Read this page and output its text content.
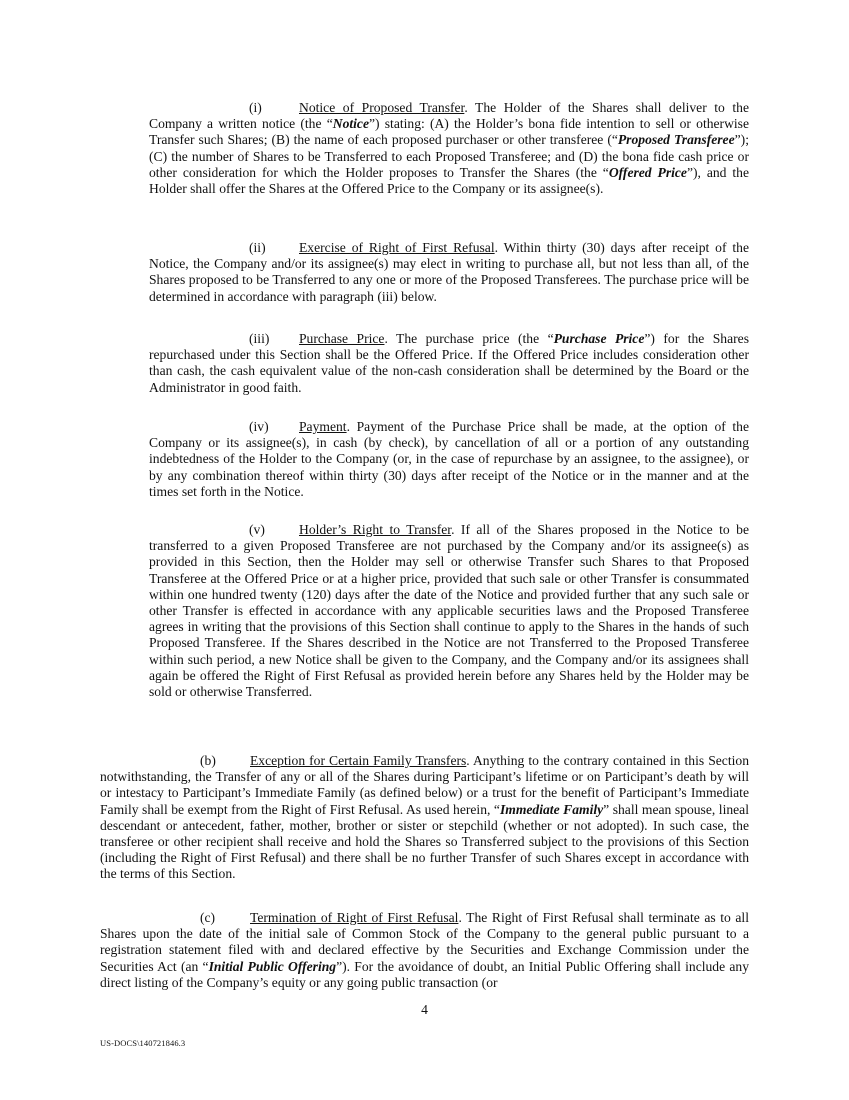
(i)	Notice of Proposed Transfer. The Holder of the Shares shall deliver to the Company a written notice (the “Notice”) stating: (A) the Holder’s bona fide intention to sell or otherwise Transfer such Shares; (B) the name of each proposed purchaser or other transferee (“Proposed Transferee”); (C) the number of Shares to be Transferred to each Proposed Transferee; and (D) the bona fide cash price or other consideration for which the Holder proposes to Transfer the Shares (the “Offered Price”), and the Holder shall offer the Shares at the Offered Price to the Company or its assignee(s).

(ii) Exercise of Right of First Refusal. Within thirty (30) days after receipt of the Notice, the Company and/or its assignee(s) may elect in writing to purchase all, but not less than all, of the Shares proposed to be Transferred to any one or more of the Proposed Transferees. The purchase price will be determined in accordance with paragraph (iii) below.

(iii) Purchase Price. The purchase price (the “Purchase Price”) for the Shares repurchased under this Section shall be the Offered Price. If the Offered Price includes consideration other than cash, the cash equivalent value of the non-cash consideration shall be determined by the Board or the Administrator in good faith.

(iv) Payment. Payment of the Purchase Price shall be made, at the option of the Company or its assignee(s), in cash (by check), by cancellation of all or a portion of any outstanding indebtedness of the Holder to the Company (or, in the case of repurchase by an assignee, to the assignee), or by any combination thereof within thirty (30) days after receipt of the Notice or in the manner and at the times set forth in the Notice.

(v)	Holder’s Right to Transfer. If all of the Shares proposed in the Notice to be transferred to a given Proposed Transferee are not purchased by the Company and/or its assignee(s) as provided in this Section, then the Holder may sell or otherwise Transfer such Shares to that Proposed Transferee at the Offered Price or at a higher price, provided that such sale or other Transfer is consummated within one hundred twenty (120) days after the date of the Notice and provided further that any such sale or other Transfer is effected in accordance with any applicable securities laws and the Proposed Transferee agrees in writing that the provisions of this Section shall continue to apply to the Shares in the hands of such Proposed Transferee. If the Shares described in the Notice are not Transferred to the Proposed Transferee within such period, a new Notice shall be given to the Company, and the Company and/or its assignees shall again be offered the Right of First Refusal as provided herein before any Shares held by the Holder may be sold or otherwise Transferred.

(b)	Exception for Certain Family Transfers. Anything to the contrary contained in this Section notwithstanding, the Transfer of any or all of the Shares during Participant’s lifetime or on Participant’s death by will or intestacy to Participant’s Immediate Family (as defined below) or a trust for the benefit of Participant’s Immediate Family shall be exempt from the Right of First Refusal. As used herein, “Immediate Family” shall mean spouse, lineal descendant or antecedent, father, mother, brother or sister or stepchild (whether or not adopted). In such case, the transferee or other recipient shall receive and hold the Shares so Transferred subject to the provisions of this Section (including the Right of First Refusal) and there shall be no further Transfer of such Shares except in accordance with the terms of this Section.

(c)	Termination of Right of First Refusal. The Right of First Refusal shall terminate as to all Shares upon the date of the initial sale of Common Stock of the Company to the general public pursuant to a registration statement filed with and declared effective by the Securities and Exchange Commission under the Securities Act (an “Initial Public Offering”). For the avoidance of doubt, an Initial Public Offering shall include any direct listing of the Company’s equity or any going public transaction (or

4
US-DOCS\140721846.3
